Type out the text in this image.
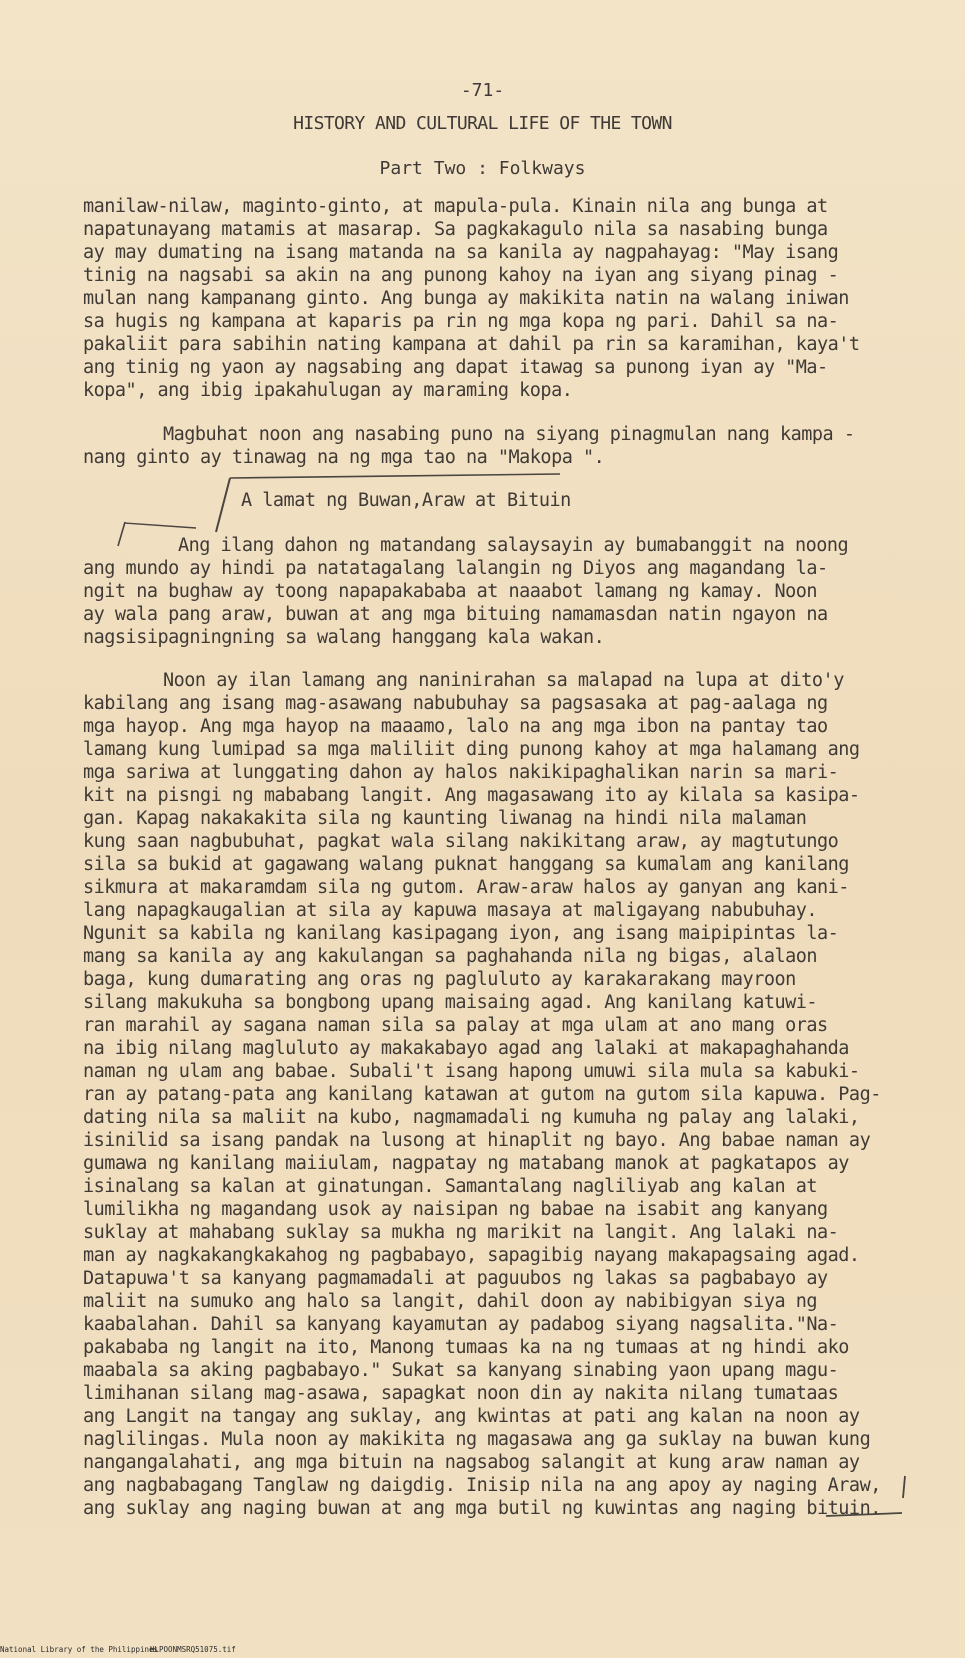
-71-
HISTORY AND CULTURAL LIFE OF THE TOWN
Part Two : Folkways
manilaw-nilaw, maginto-ginto, at mapula-pula. Kinain nila ang bunga at
napatunayang matamis at masarap. Sa pagkakagulo nila sa nasabing bunga
ay may dumating na isang matanda na sa kanila ay nagpahayag: "May isang
tinig na nagsabi sa akin na ang punong kahoy na iyan ang siyang pinag -
mulan nang kampanang ginto. Ang bunga ay makikita natin na walang iniwan
sa hugis ng kampana at kaparis pa rin ng mga kopa ng pari. Dahil sa na-
pakaliit para sabihin nating kampana at dahil pa rin sa karamihan, kaya't
ang tinig ng yaon ay nagsabing ang dapat itawag sa punong iyan ay "Ma-
kopa", ang ibig ipakahulugan ay maraming kopa.
Magbuhat noon ang nasabing puno na siyang pinagmulan nang kampa -
nang ginto ay tinawag na ng mga tao na "Makopa ".
A lamat ng Buwan,Araw at Bituin
Ang ilang dahon ng matandang salaysayin ay bumabanggit na noong
ang mundo ay hindi pa natatagalang lalangin ng Diyos ang magandang la-
ngit na bughaw ay toong napapakababa at naaabot lamang ng kamay. Noon
ay wala pang araw, buwan at ang mga bituing namamasdan natin ngayon na
nagsisipagningning sa walang hanggang kala wakan.
Noon ay ilan lamang ang naninirahan sa malapad na lupa at dito'y
kabilang ang isang mag-asawang nabubuhay sa pagsasaka at pag-aalaga ng
mga hayop. Ang mga hayop na maaamo, lalo na ang mga ibon na pantay tao
lamang kung lumipad sa mga maliliit ding punong kahoy at mga halamang ang
mga sariwa at lunggating dahon ay halos nakikipaghalikan narin sa mari-
kit na pisngi ng mababang langit. Ang magasawang ito ay kilala sa kasipa-
gan. Kapag nakakakita sila ng kaunting liwanag na hindi nila malaman
kung saan nagbubuhat, pagkat wala silang nakikitang araw, ay magtutungo
sila sa bukid at gagawang walang puknat hanggang sa kumalam ang kanilang
sikmura at makaramdam sila ng gutom. Araw-araw halos ay ganyan ang kani-
lang napagkaugalian at sila ay kapuwa masaya at maligayang nabubuhay.
Ngunit sa kabila ng kanilang kasipagang iyon, ang isang maipipintas la-
mang sa kanila ay ang kakulangan sa paghahanda nila ng bigas, alalaon
baga, kung dumarating ang oras ng pagluluto ay karakarakang mayroon
silang makukuha sa bongbong upang maisaing agad. Ang kanilang katuwi-
ran marahil ay sagana naman sila sa palay at mga ulam at ano mang oras
na ibig nilang magluluto ay makakabayo agad ang lalaki at makapaghahanda
naman ng ulam ang babae. Subali't isang hapong umuwi sila mula sa kabuki-
ran ay patang-pata ang kanilang katawan at gutom na gutom sila kapuwa. Pag-
dating nila sa maliit na kubo, nagmamadali ng kumuha ng palay ang lalaki,
isinilid sa isang pandak na lusong at hinaplit ng bayo. Ang babae naman ay
gumawa ng kanilang maiiulam, nagpatay ng matabang manok at pagkatapos ay
isinalang sa kalan at ginatungan. Samantalang nagliliyab ang kalan at
lumilikha ng magandang usok ay naisipan ng babae na isabit ang kanyang
suklay at mahabang suklay sa mukha ng marikit na langit. Ang lalaki na-
man ay nagkakangkakahog ng pagbabayo, sapagibig nayang makapagsaing agad.
Datapuwa't sa kanyang pagmamadali at paguubos ng lakas sa pagbabayo ay
maliit na sumuko ang halo sa langit, dahil doon ay nabibigyan siya ng
kaabalahan. Dahil sa kanyang kayamutan ay padabog siyang nagsalita."Na-
pakababa ng langit na ito, Manong tumaas ka na ng tumaas at ng hindi ako
maabala sa aking pagbabayo." Sukat sa kanyang sinabing yaon upang magu-
limihanan silang mag-asawa, sapagkat noon din ay nakita nilang tumataas
ang Langit na tangay ang suklay, ang kwintas at pati ang kalan na noon ay
naglilingas. Mula noon ay makikita ng magasawa ang ga suklay na buwan kung
nangangalahati, ang mga bituin na nagsabog salangit at kung araw naman ay
ang nagbabagang Tanglaw ng daigdig. Inisip nila na ang apoy ay naging Araw,
ang suklay ang naging buwan at ang mga butil ng kuwintas ang naging bituin.
National Library of the Philippines
HLPOONMSRQ51075.tif
